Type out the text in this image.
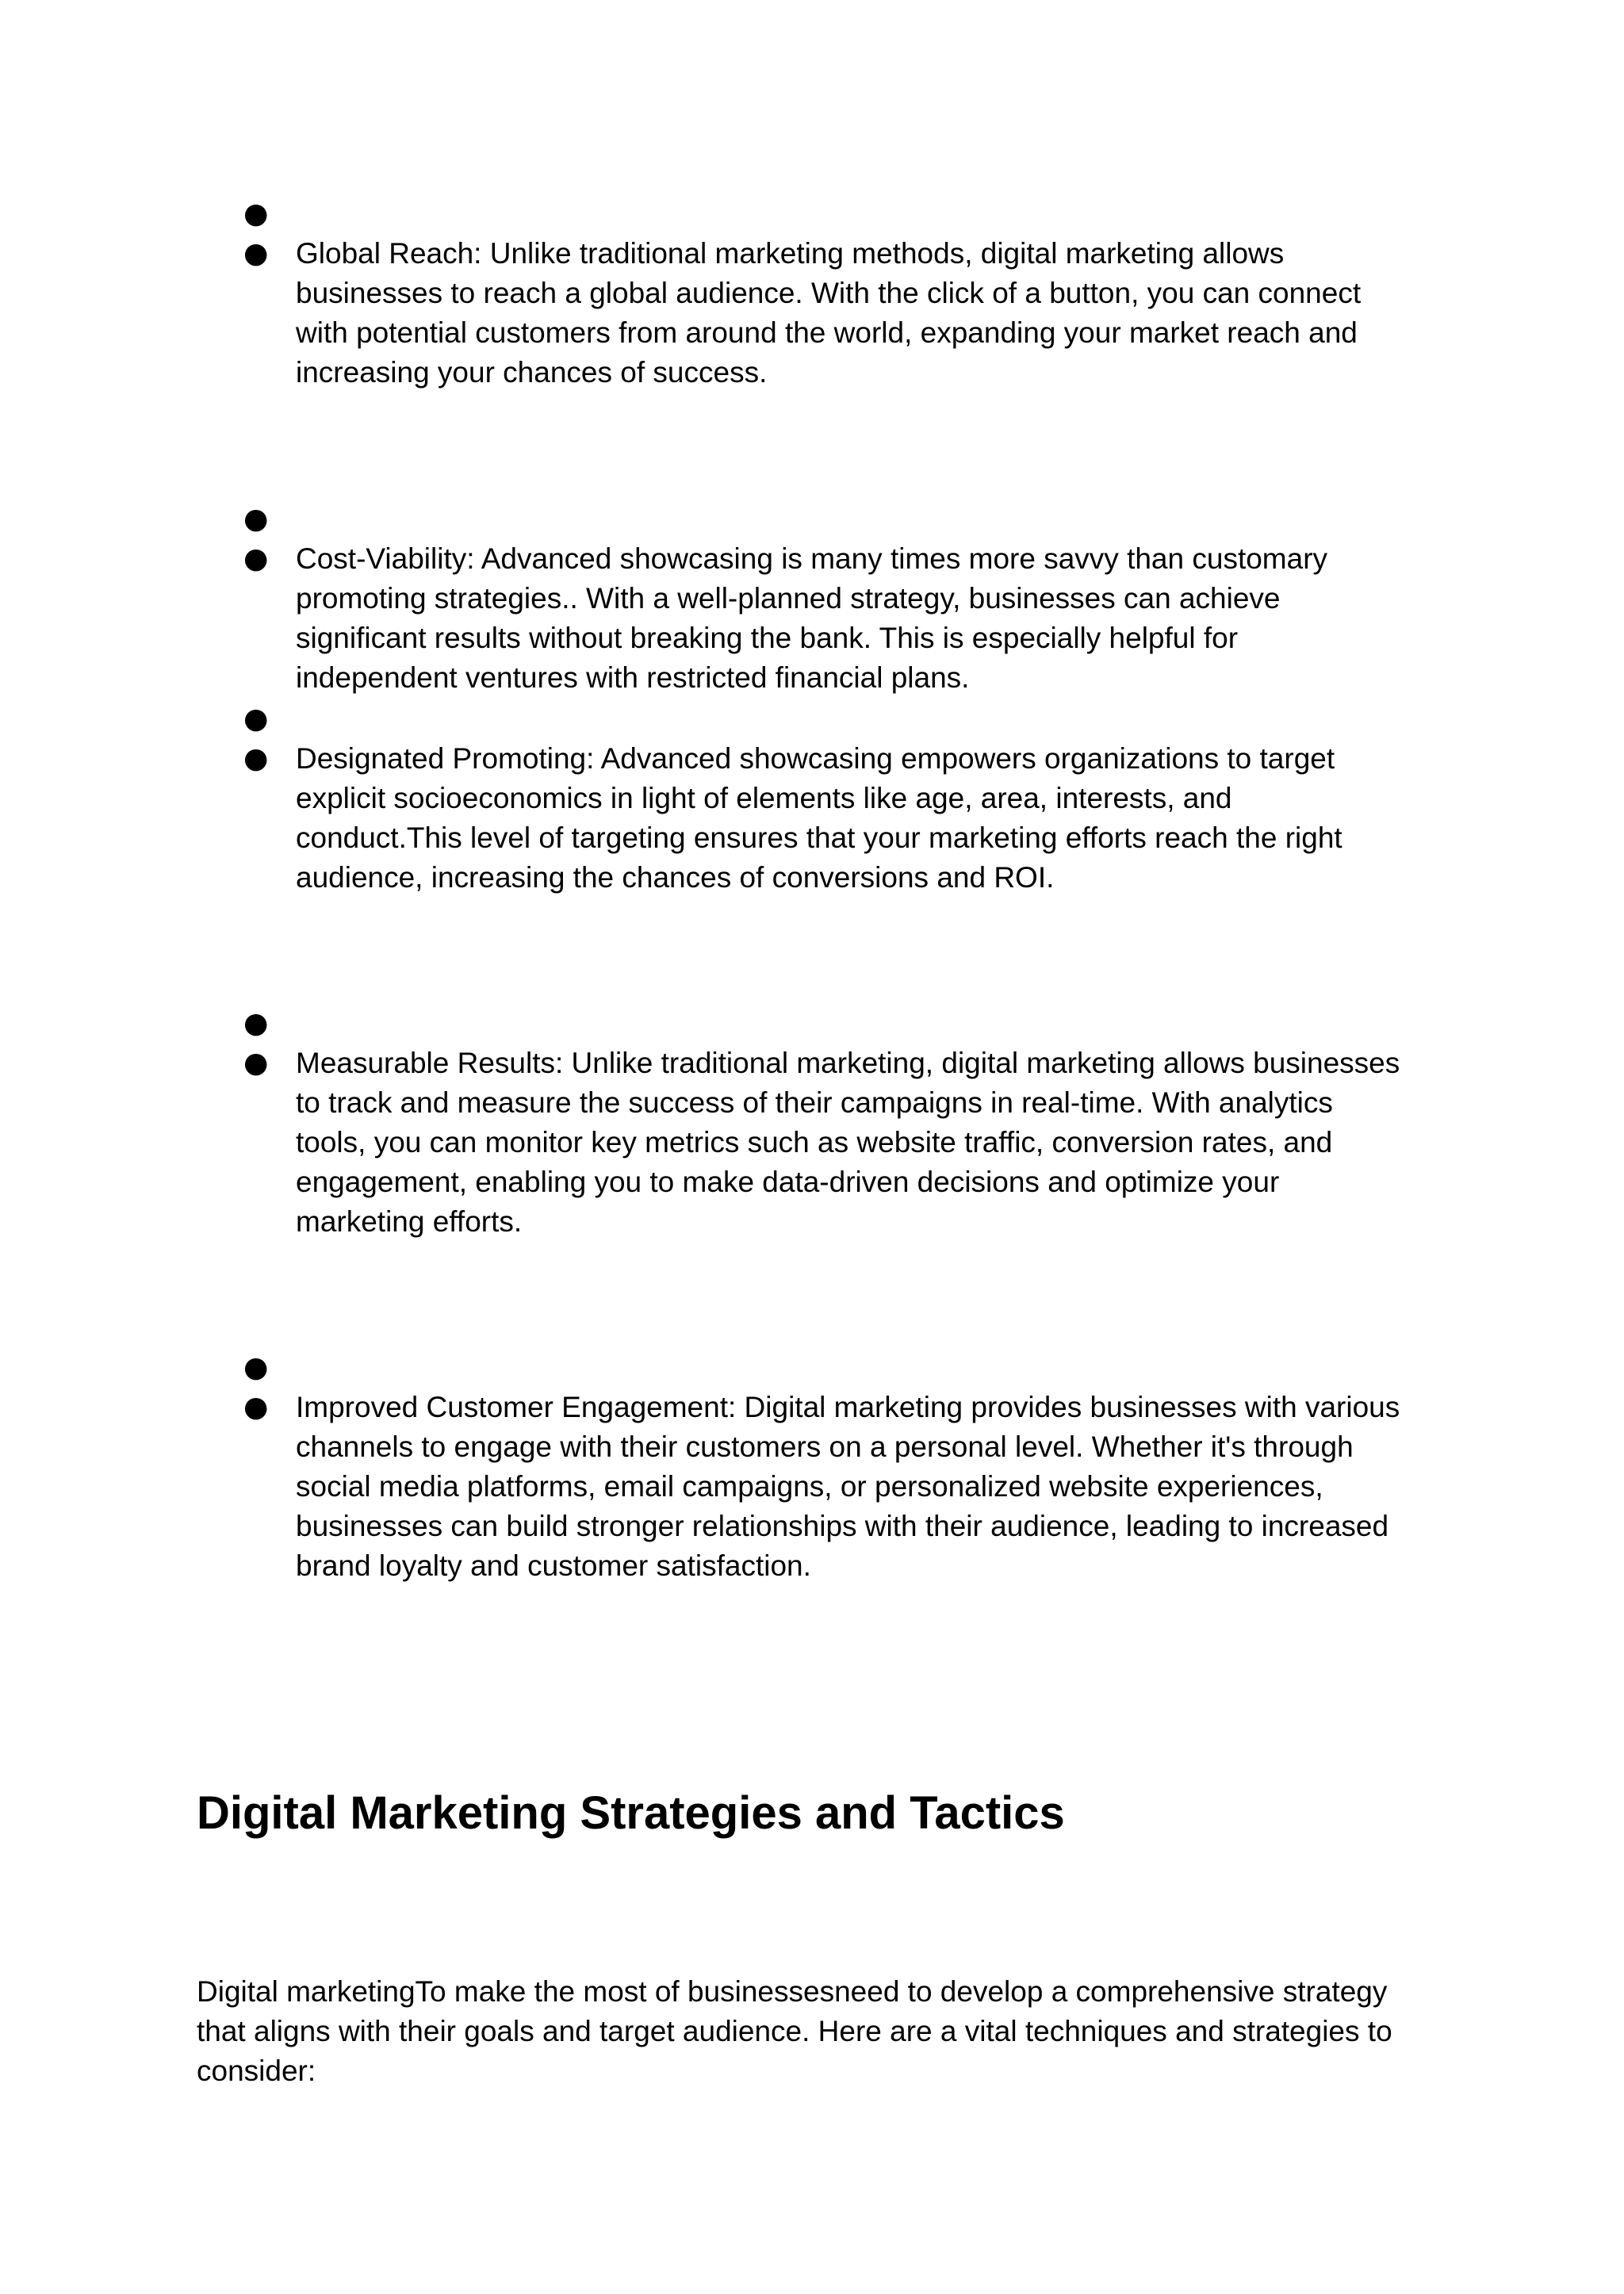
●
● Global Reach: Unlike traditional marketing methods, digital marketing allows
businesses to reach a global audience. With the click of a button, you can connect
with potential customers from around the world, expanding your market reach and
increasing your chances of success.
●
● Cost-Viability: Advanced showcasing is many times more savvy than customary
promoting strategies.. With a well-planned strategy, businesses can achieve
significant results without breaking the bank. This is especially helpful for
independent ventures with restricted financial plans.
●
● Designated Promoting: Advanced showcasing empowers organizations to target
explicit socioeconomics in light of elements like age, area, interests, and
conduct.This level of targeting ensures that your marketing efforts reach the right
audience, increasing the chances of conversions and ROI.
●
● Measurable Results: Unlike traditional marketing, digital marketing allows businesses
to track and measure the success of their campaigns in real-time. With analytics
tools, you can monitor key metrics such as website traffic, conversion rates, and
engagement, enabling you to make data-driven decisions and optimize your
marketing efforts.
●
● Improved Customer Engagement: Digital marketing provides businesses with various
channels to engage with their customers on a personal level. Whether it's through
social media platforms, email campaigns, or personalized website experiences,
businesses can build stronger relationships with their audience, leading to increased
brand loyalty and customer satisfaction.
Digital Marketing Strategies and Tactics
Digital marketingTo make the most of businessesneed to develop a comprehensive strategy
that aligns with their goals and target audience. Here are a vital techniques and strategies to
consider:
